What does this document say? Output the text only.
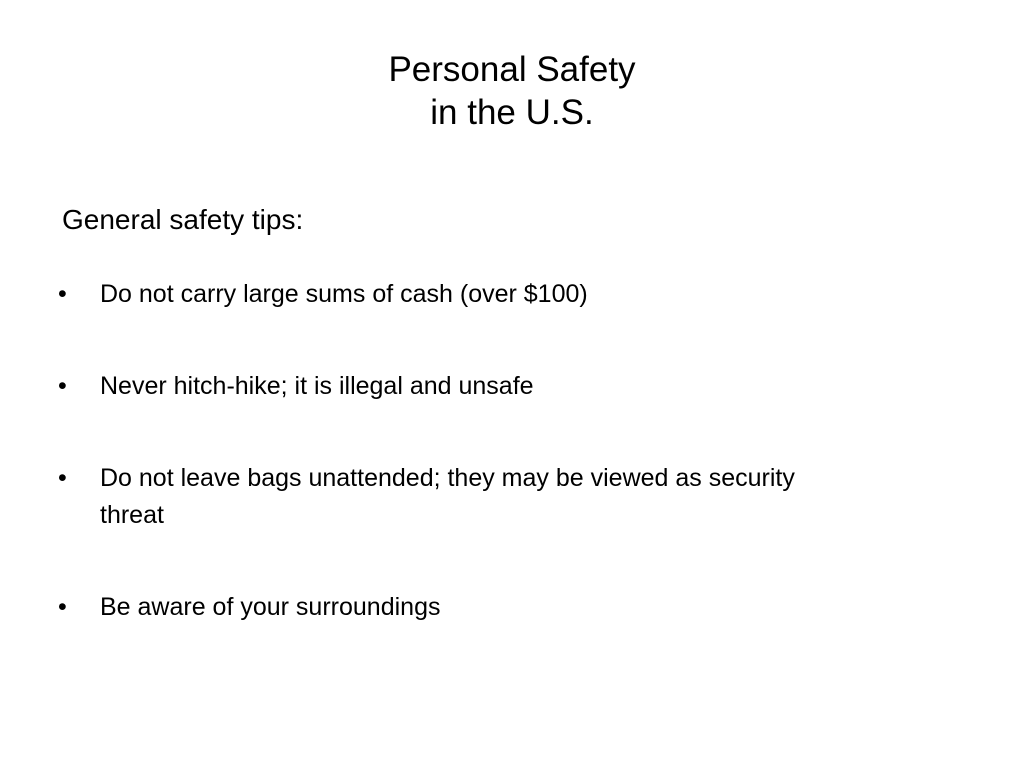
Personal Safety
in the U.S.
General safety tips:
•	Do not carry large sums of cash (over $100)
•	Never hitch-hike; it is illegal and unsafe
•	Do not leave bags unattended; they may be viewed as security threat
•	Be aware of your surroundings
